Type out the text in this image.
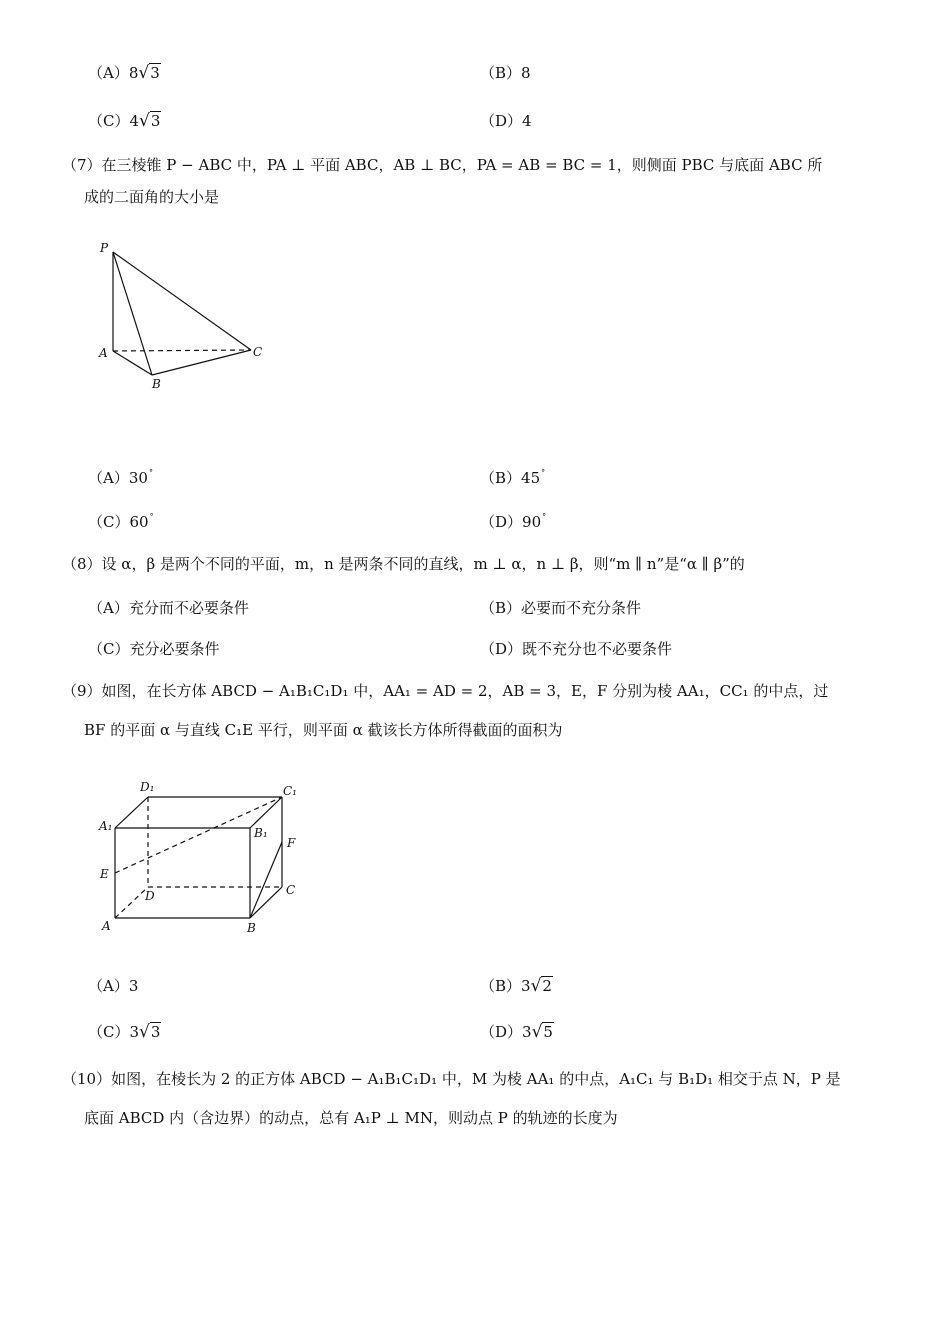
（A）8√3	（B）8
（C）4√3	（D）4
（7）在三棱锥 P − ABC 中，PA ⊥ 平面 ABC，AB ⊥ BC，PA = AB = BC = 1，则侧面 PBC 与底面 ABC 所
成的二面角的大小是
P
A
B
C
（A）30°	（B）45°
（C）60°	（D）90°
（8）设 α，β 是两个不同的平面，m，n 是两条不同的直线，m ⊥ α，n ⊥ β，则“m ∥ n”是“α ∥ β”的
（A）充分而不必要条件	（B）必要而不充分条件
（C）充分必要条件	（D）既不充分也不必要条件
（9）如图，在长方体 ABCD − A₁B₁C₁D₁ 中，AA₁ = AD = 2，AB = 3，E，F 分别为棱 AA₁，CC₁ 的中点，过
BF 的平面 α 与直线 C₁E 平行，则平面 α 截该长方体所得截面的面积为
D₁	C₁
A₁	B₁
F
E
D	C
A	B
（A）3	（B）3√2
（C）3√3	（D）3√5
（10）如图，在棱长为 2 的正方体 ABCD − A₁B₁C₁D₁ 中，M 为棱 AA₁ 的中点，A₁C₁ 与 B₁D₁ 相交于点 N，P 是
底面 ABCD 内（含边界）的动点，总有 A₁P ⊥ MN，则动点 P 的轨迹的长度为
